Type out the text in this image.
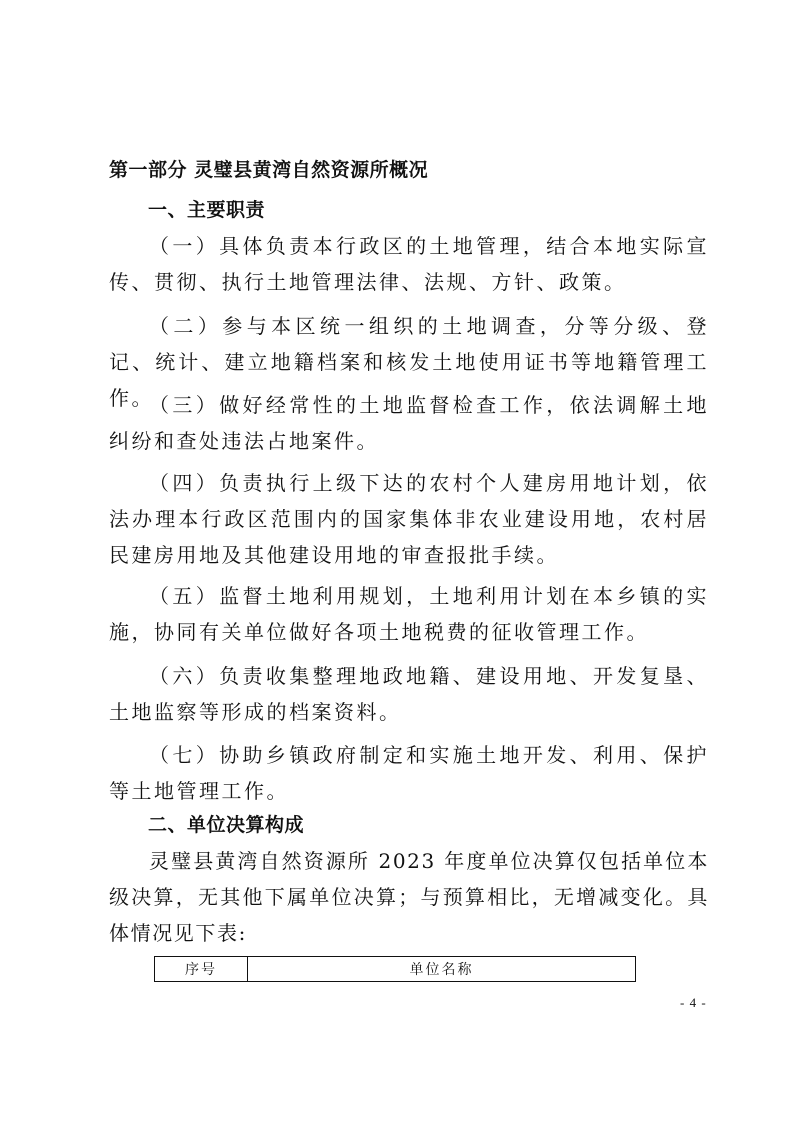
第一部分 灵璧县黄湾自然资源所概况
一、主要职责

（一）具体负责本行政区的土地管理，结合本地实际宣传、贯彻、执行土地管理法律、法规、方针、政策。

（二）参与本区统一组织的土地调查，分等分级、登记、统计、建立地籍档案和核发土地使用证书等地籍管理工作。

（三）做好经常性的土地监督检查工作，依法调解土地纠纷和查处违法占地案件。

（四）负责执行上级下达的农村个人建房用地计划，依法办理本行政区范围内的国家集体非农业建设用地，农村居民建房用地及其他建设用地的审查报批手续。

（五）监督土地利用规划，土地利用计划在本乡镇的实施，协同有关单位做好各项土地税费的征收管理工作。

（六）负责收集整理地政地籍、建设用地、开发复垦、土地监察等形成的档案资料。

（七）协助乡镇政府制定和实施土地开发、利用、保护等土地管理工作。

二、单位决算构成

灵璧县黄湾自然资源所 2023 年度单位决算仅包括单位本级决算，无其他下属单位决算；与预算相比，无增减变化。具体情况见下表:

序号	单位名称
- 4 -
